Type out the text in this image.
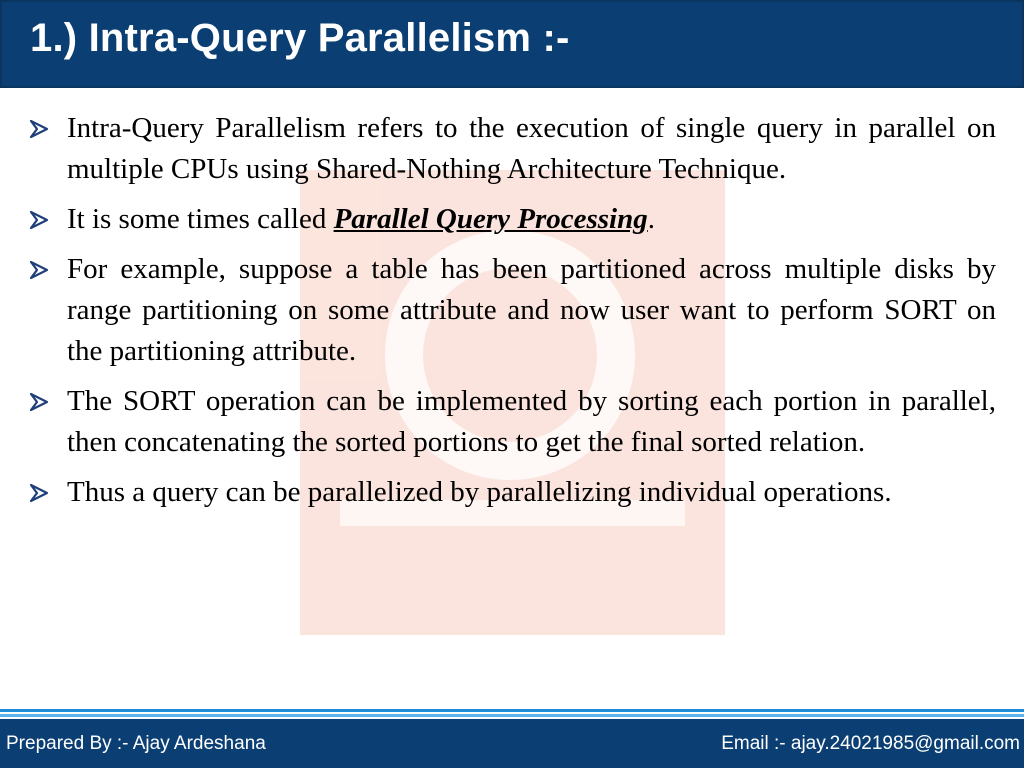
1.) Intra-Query Parallelism :-
Intra-Query Parallelism refers to the execution of single query in parallel on multiple CPUs using Shared-Nothing Architecture Technique.
It is some times called Parallel Query Processing.
For example, suppose a table has been partitioned across multiple disks by range partitioning on some attribute and now user want to perform SORT on the partitioning attribute.
The SORT operation can be implemented by sorting each portion in parallel, then concatenating the sorted portions to get the final sorted relation.
Thus a query can be parallelized by parallelizing individual operations.
Prepared By :- Ajay Ardeshana	Email :- ajay.24021985@gmail.com
